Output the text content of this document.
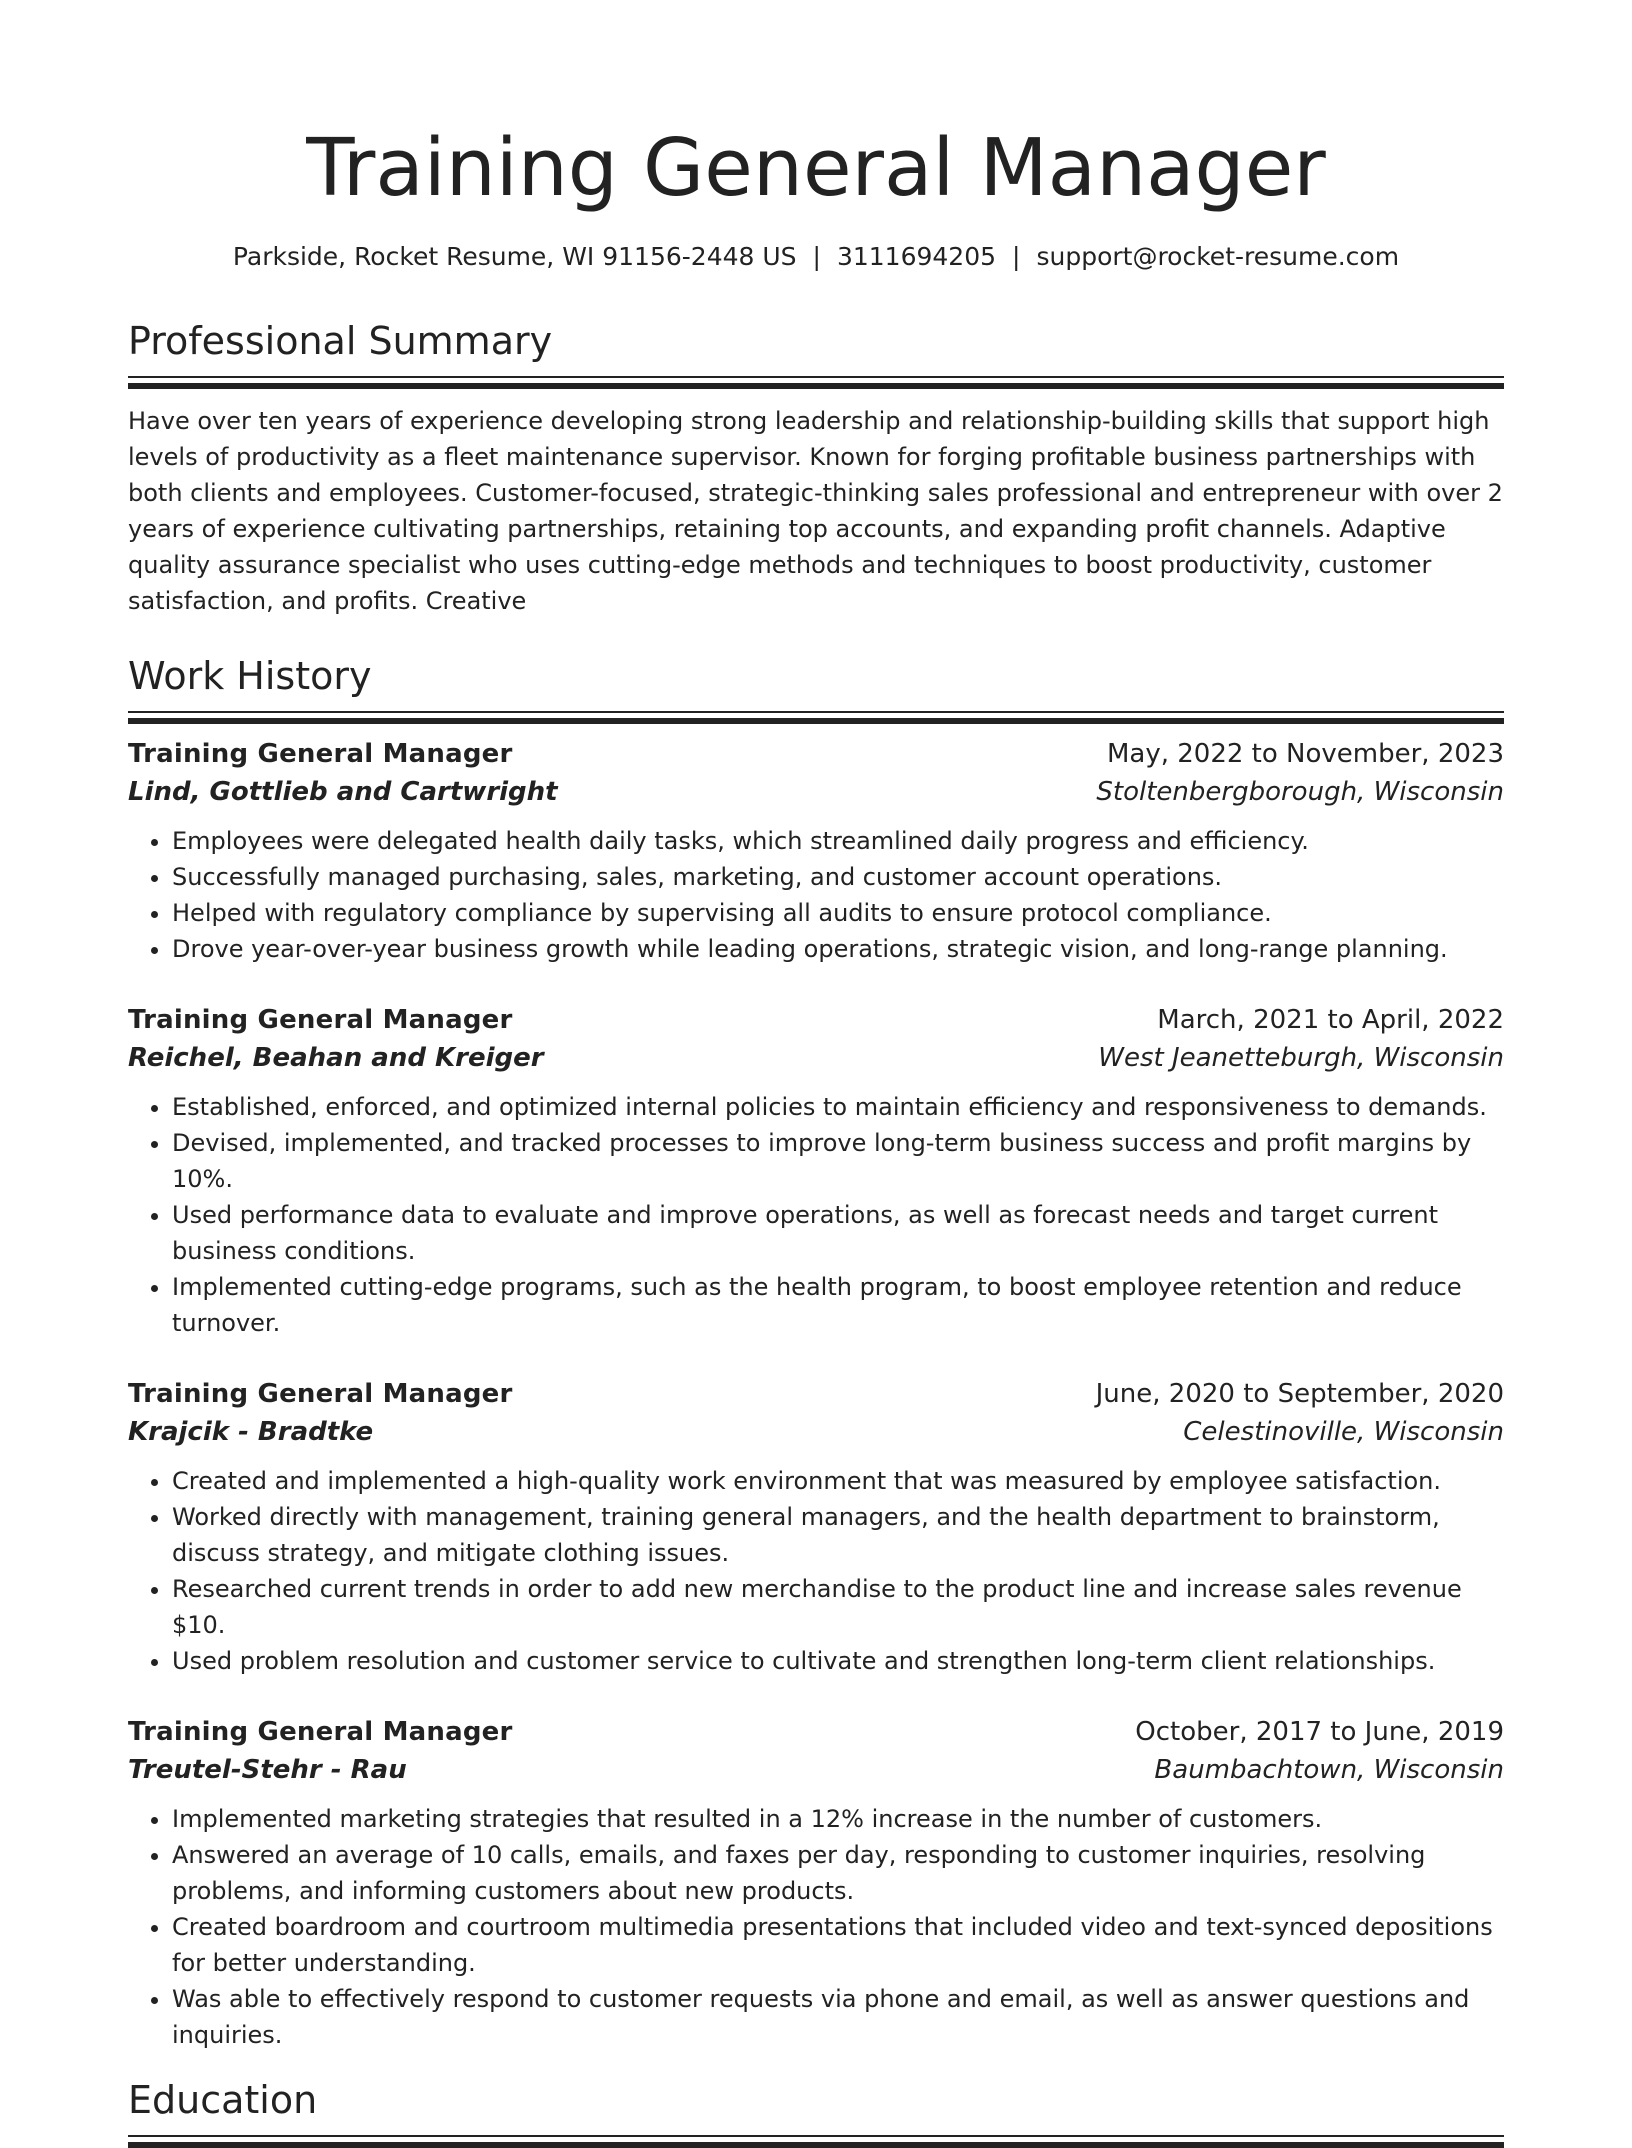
Training General Manager
Parkside, Rocket Resume, WI 91156-2448 US | 3111694205 | support@rocket-resume.com
Professional Summary

Have over ten years of experience developing strong leadership and relationship-building skills that support high levels of productivity as a fleet maintenance supervisor. Known for forging profitable business partnerships with both clients and employees. Customer-focused, strategic-thinking sales professional and entrepreneur with over 2 years of experience cultivating partnerships, retaining top accounts, and expanding profit channels. Adaptive quality assurance specialist who uses cutting-edge methods and techniques to boost productivity, customer satisfaction, and profits. Creative

Work History
Training General Manager	May, 2022 to November, 2023
Lind, Gottlieb and Cartwright	Stoltenbergborough, Wisconsin
• Employees were delegated health daily tasks, which streamlined daily progress and efficiency.
• Successfully managed purchasing, sales, marketing, and customer account operations.
• Helped with regulatory compliance by supervising all audits to ensure protocol compliance.
• Drove year-over-year business growth while leading operations, strategic vision, and long-range planning.
Training General Manager	March, 2021 to April, 2022
Reichel, Beahan and Kreiger	West Jeanetteburgh, Wisconsin
• Established, enforced, and optimized internal policies to maintain efficiency and responsiveness to demands.
• Devised, implemented, and tracked processes to improve long-term business success and profit margins by 10%.
• Used performance data to evaluate and improve operations, as well as forecast needs and target current business conditions.
• Implemented cutting-edge programs, such as the health program, to boost employee retention and reduce turnover.
Training General Manager	June, 2020 to September, 2020
Krajcik - Bradtke	Celestinoville, Wisconsin
• Created and implemented a high-quality work environment that was measured by employee satisfaction.
• Worked directly with management, training general managers, and the health department to brainstorm, discuss strategy, and mitigate clothing issues.
• Researched current trends in order to add new merchandise to the product line and increase sales revenue $10.
• Used problem resolution and customer service to cultivate and strengthen long-term client relationships.
Training General Manager	October, 2017 to June, 2019
Treutel-Stehr - Rau	Baumbachtown, Wisconsin
• Implemented marketing strategies that resulted in a 12% increase in the number of customers.
• Answered an average of 10 calls, emails, and faxes per day, responding to customer inquiries, resolving problems, and informing customers about new products.
• Created boardroom and courtroom multimedia presentations that included video and text-synced depositions for better understanding.
• Was able to effectively respond to customer requests via phone and email, as well as answer questions and inquiries.
Education
